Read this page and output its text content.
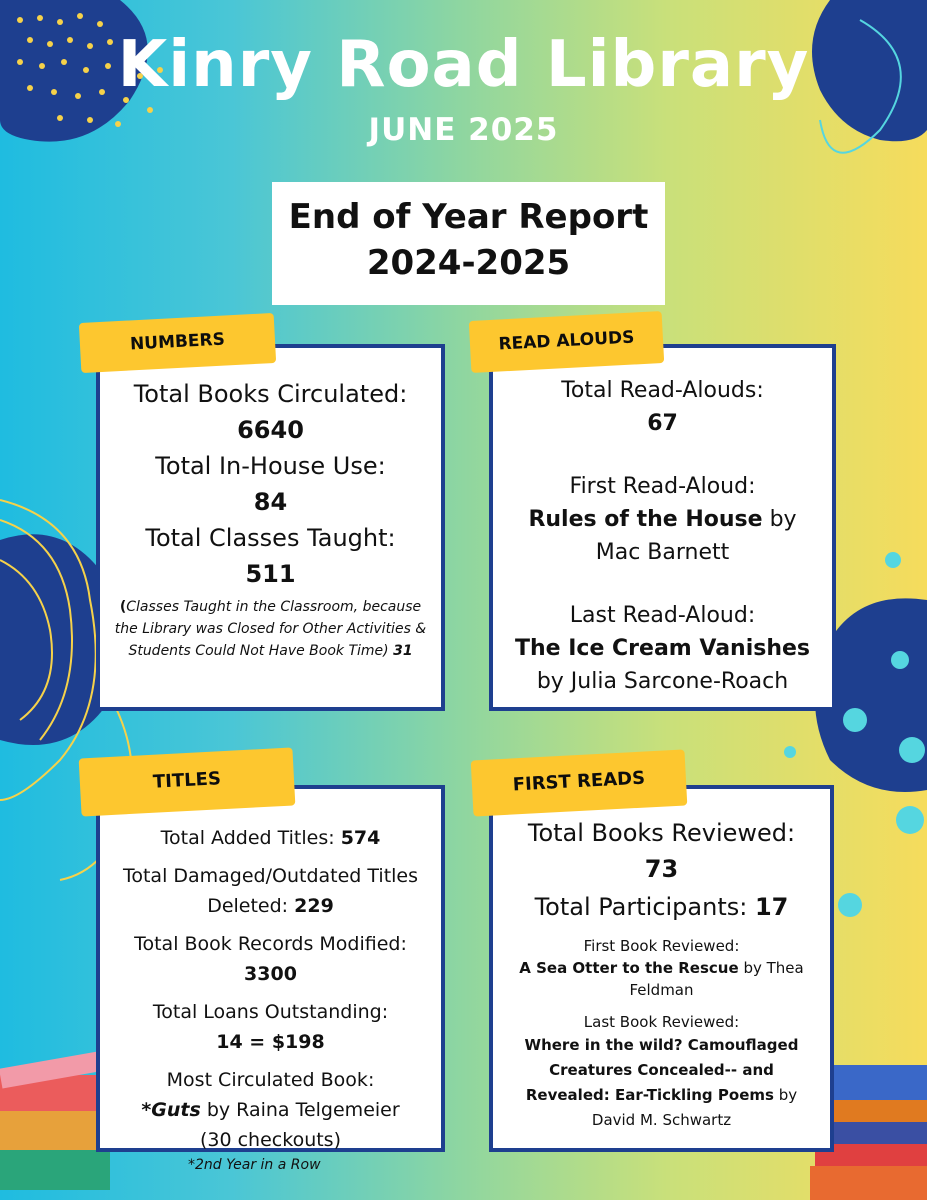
Kinry Road Library
JUNE 2025
End of Year Report
2024-2025
Total Books Circulated:
6640
Total In-House Use:
84
Total Classes Taught:
511
(Classes Taught in the Classroom, because the Library was Closed for Other Activities & Students Could Not Have Book Time) 31
NUMBERS
Total Read-Alouds:
67
First Read-Aloud:
Rules of the House by Mac Barnett
Last Read-Aloud:
The Ice Cream Vanishes
by Julia Sarcone-Roach
READ ALOUDS
Total Added Titles: 574
Total Damaged/Outdated Titles Deleted: 229
Total Book Records Modified:
3300
Total Loans Outstanding:
14 = $198
Most Circulated Book:
*Guts by Raina Telgemeier
(30 checkouts)
TITLES
*2nd Year in a Row
Total Books Reviewed:
73
Total Participants: 17
First Book Reviewed:
A Sea Otter to the Rescue by Thea Feldman
Last Book Reviewed:
Where in the wild? Camouflaged Creatures Concealed-- and Revealed: Ear-Tickling Poems by David M. Schwartz
FIRST READS
